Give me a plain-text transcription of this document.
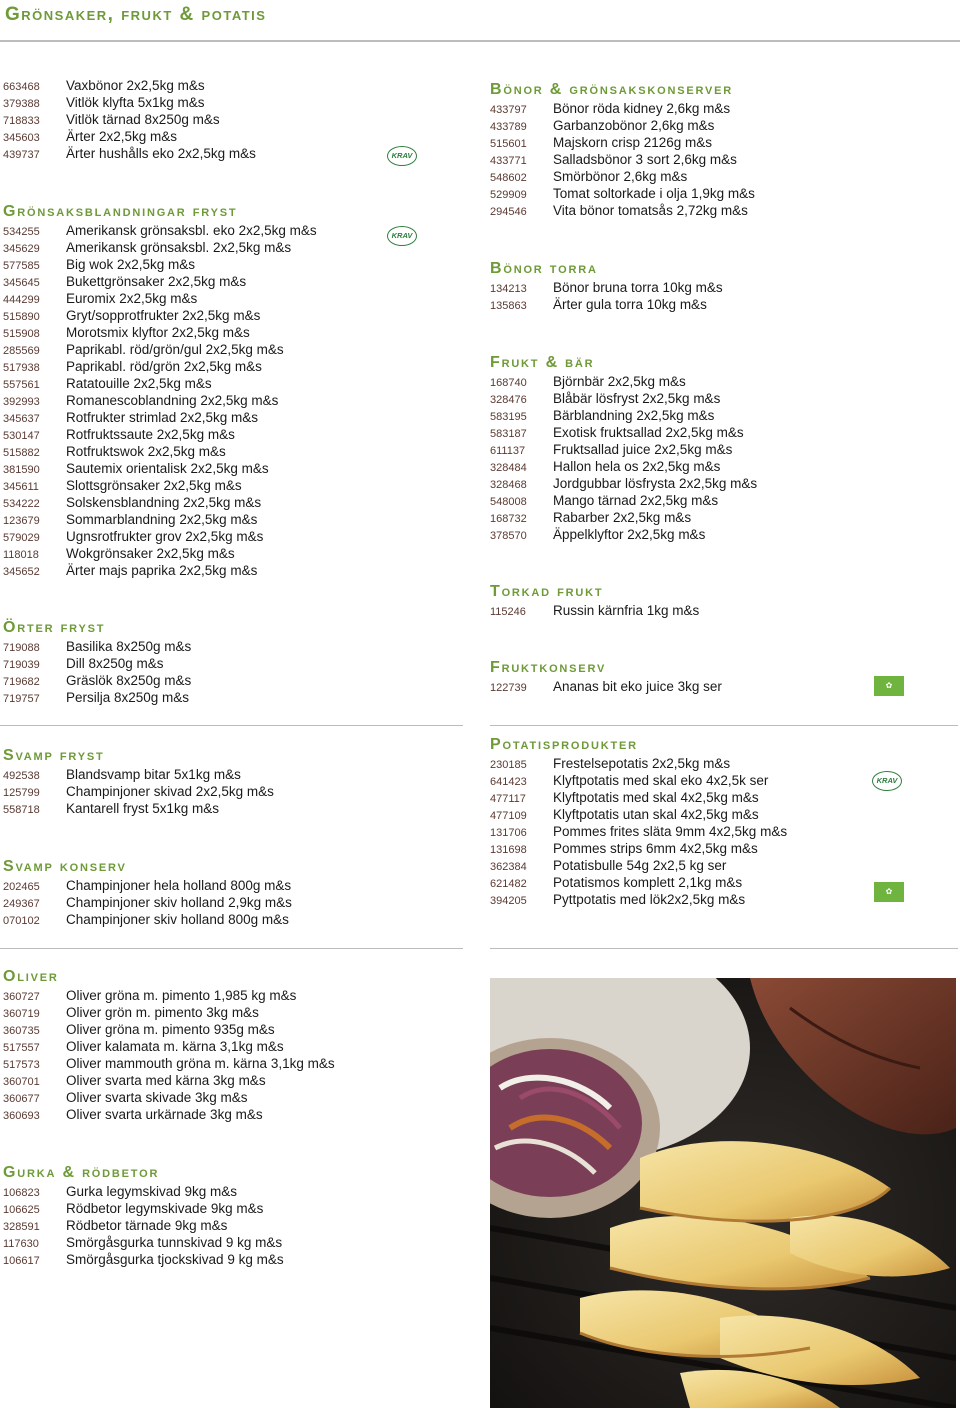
Grönsaker, frukt & potatis
663468 Vaxbönor 2x2,5kg m&s
379388 Vitlök klyfta 5x1kg m&s
718833 Vitlök tärnad 8x250g m&s
345603 Ärter 2x2,5kg m&s
439737 Ärter hushålls eko 2x2,5kg m&s
Grönsaksblandningar fryst
534255 Amerikansk grönsaksbl. eko 2x2,5kg m&s
345629 Amerikansk grönsaksbl. 2x2,5kg m&s
577585 Big wok 2x2,5kg m&s
345645 Bukettgrönsaker 2x2,5kg m&s
444299 Euromix 2x2,5kg m&s
515890 Gryt/sopprotfrukter 2x2,5kg m&s
515908 Morotsmix klyftor 2x2,5kg m&s
285569 Paprikabl. röd/grön/gul 2x2,5kg m&s
517938 Paprikabl. röd/grön 2x2,5kg m&s
557561 Ratatouille 2x2,5kg m&s
392993 Romanescoblandning 2x2,5kg m&s
345637 Rotfrukter strimlad 2x2,5kg m&s
530147 Rotfruktssaute 2x2,5kg m&s
515882 Rotfruktswok 2x2,5kg m&s
381590 Sautemix orientalisk 2x2,5kg m&s
345611 Slottsgrönsaker 2x2,5kg m&s
534222 Solskensblandning 2x2,5kg m&s
123679 Sommarblandning 2x2,5kg m&s
579029 Ugnsrotfrukter grov 2x2,5kg m&s
118018 Wokgrönsaker 2x2,5kg m&s
345652 Ärter majs paprika 2x2,5kg m&s
Örter fryst
719088 Basilika 8x250g m&s
719039 Dill 8x250g m&s
719682 Gräslök 8x250g m&s
719757 Persilja 8x250g m&s
Svamp fryst
492538 Blandsvamp bitar 5x1kg m&s
125799 Champinjoner skivad 2x2,5kg m&s
558718 Kantarell fryst 5x1kg m&s
Svamp konserv
202465 Champinjoner hela holland 800g m&s
249367 Champinjoner skiv holland 2,9kg m&s
070102 Champinjoner skiv holland 800g m&s
Oliver
360727 Oliver gröna m. pimento 1,985 kg m&s
360719 Oliver grön m. pimento 3kg m&s
360735 Oliver gröna m. pimento 935g m&s
517557 Oliver kalamata m. kärna 3,1kg m&s
517573 Oliver mammouth gröna m. kärna 3,1kg m&s
360701 Oliver svarta med kärna 3kg m&s
360677 Oliver svarta skivade 3kg m&s
360693 Oliver svarta urkärnade 3kg m&s
Gurka & rödbetor
106823 Gurka legymskivad 9kg m&s
106625 Rödbetor legymskivade 9kg m&s
328591 Rödbetor tärnade 9kg m&s
117630 Smörgåsgurka tunnskivad 9 kg m&s
106617 Smörgåsgurka tjockskivad 9 kg m&s
Bönor & grönsakskonserver
433797 Bönor röda kidney 2,6kg m&s
433789 Garbanzobönor 2,6kg m&s
515601 Majskorn crisp 2126g m&s
433771 Salladsbönor 3 sort 2,6kg m&s
548602 Smörbönor 2,6kg m&s
529909 Tomat soltorkade i olja 1,9kg m&s
294546 Vita bönor tomatsås 2,72kg m&s
Bönor torra
134213 Bönor bruna torra 10kg m&s
135863 Ärter gula torra 10kg m&s
Frukt & bär
168740 Björnbär 2x2,5kg m&s
328476 Blåbär lösfryst 2x2,5kg m&s
583195 Bärblandning 2x2,5kg m&s
583187 Exotisk fruktsallad 2x2,5kg m&s
611137 Fruktsallad juice 2x2,5kg m&s
328484 Hallon hela os 2x2,5kg m&s
328468 Jordgubbar lösfrysta 2x2,5kg m&s
548008 Mango tärnad 2x2,5kg m&s
168732 Rabarber 2x2,5kg m&s
378570 Äppelklyftor 2x2,5kg m&s
Torkad frukt
115246 Russin kärnfria 1kg m&s
Fruktkonserv
122739 Ananas bit eko juice 3kg ser
Potatisprodukter
230185 Frestelsepotatis 2x2,5kg m&s
641423 Klyftpotatis med skal eko 4x2,5k ser
477117 Klyftpotatis med skal 4x2,5kg m&s
477109 Klyftpotatis utan skal 4x2,5kg m&s
131706 Pommes frites släta 9mm 4x2,5kg m&s
131698 Pommes strips 6mm 4x2,5kg m&s
362384 Potatisbulle 54g 2x2,5 kg ser
621482 Potatismos komplett 2,1kg m&s
394205 Pyttpotatis med lök2x2,5kg m&s
KRAV
KRAV
KRAV
✿
✿
